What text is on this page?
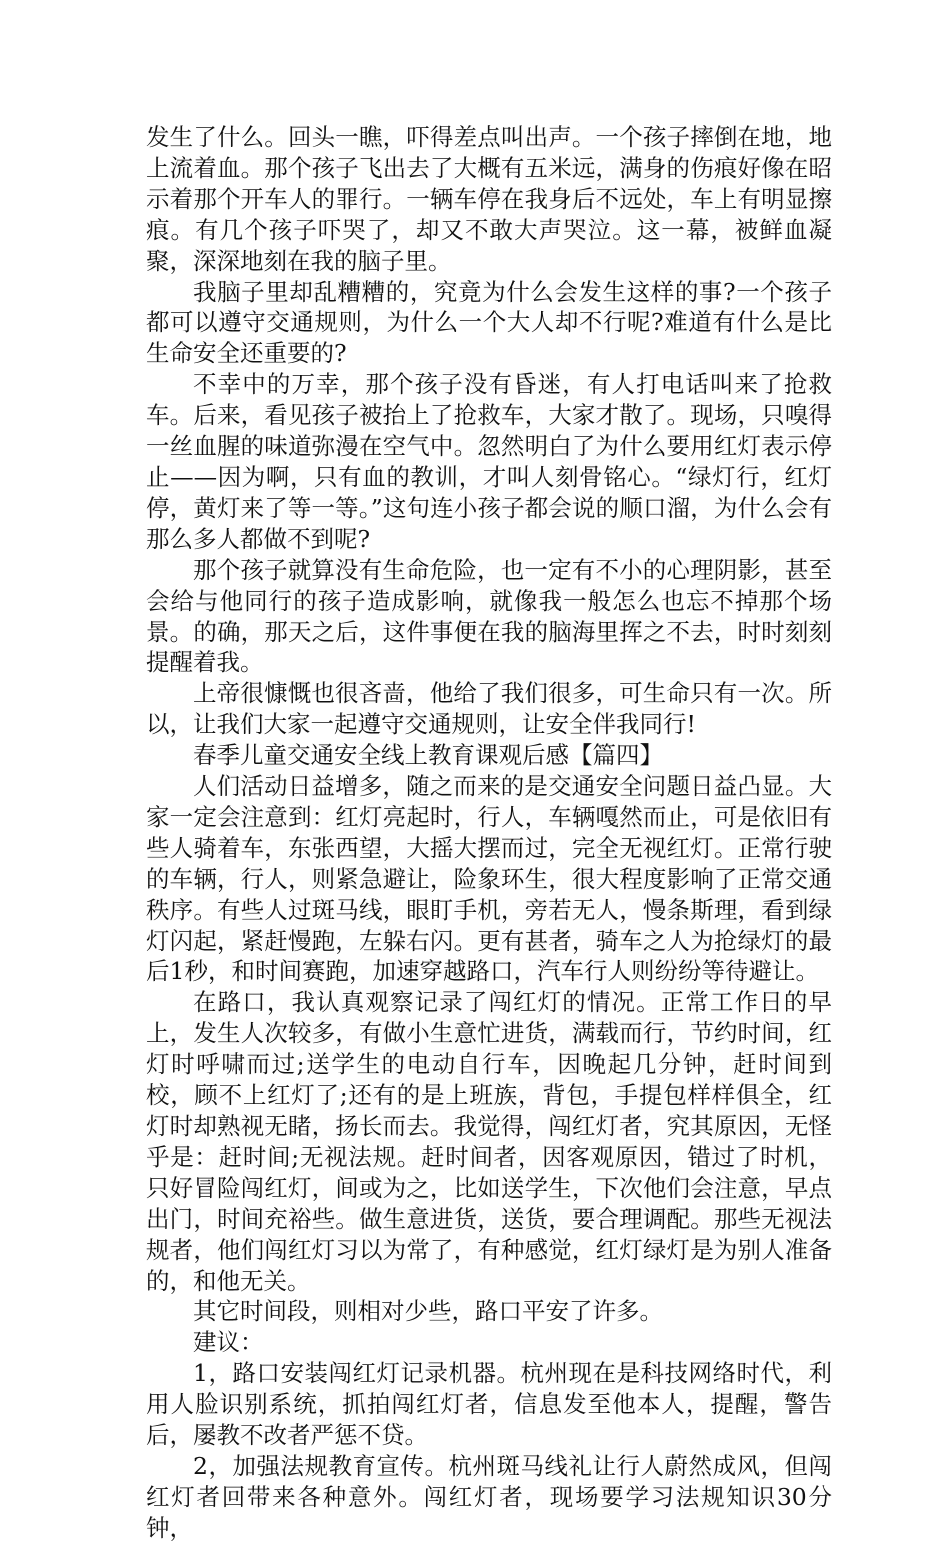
发生了什么。回头一瞧，吓得差点叫出声。一个孩子摔倒在地，地上流着血。那个孩子飞出去了大概有五米远，满身的伤痕好像在昭示着那个开车人的罪行。一辆车停在我身后不远处，车上有明显擦痕。有几个孩子吓哭了，却又不敢大声哭泣。这一幕，被鲜血凝聚，深深地刻在我的脑子里。

我脑子里却乱糟糟的，究竟为什么会发生这样的事?一个孩子都可以遵守交通规则，为什么一个大人却不行呢?难道有什么是比生命安全还重要的?

不幸中的万幸，那个孩子没有昏迷，有人打电话叫来了抢救车。后来，看见孩子被抬上了抢救车，大家才散了。现场，只嗅得一丝血腥的味道弥漫在空气中。忽然明白了为什么要用红灯表示停止——因为啊，只有血的教训，才叫人刻骨铭心。“绿灯行，红灯停，黄灯来了等一等。”这句连小孩子都会说的顺口溜，为什么会有那么多人都做不到呢?

那个孩子就算没有生命危险，也一定有不小的心理阴影，甚至会给与他同行的孩子造成影响，就像我一般怎么也忘不掉那个场景。的确，那天之后，这件事便在我的脑海里挥之不去，时时刻刻提醒着我。

上帝很慷慨也很吝啬，他给了我们很多，可生命只有一次。所以，让我们大家一起遵守交通规则，让安全伴我同行!

春季儿童交通安全线上教育课观后感【篇四】

人们活动日益增多，随之而来的是交通安全问题日益凸显。大家一定会注意到：红灯亮起时，行人，车辆嘎然而止，可是依旧有些人骑着车，东张西望，大摇大摆而过，完全无视红灯。正常行驶的车辆，行人，则紧急避让，险象环生，很大程度影响了正常交通秩序。有些人过斑马线，眼盯手机，旁若无人，慢条斯理，看到绿灯闪起，紧赶慢跑，左躲右闪。更有甚者，骑车之人为抢绿灯的最后1秒，和时间赛跑，加速穿越路口，汽车行人则纷纷等待避让。

在路口，我认真观察记录了闯红灯的情况。正常工作日的早上，发生人次较多，有做小生意忙进货，满载而行，节约时间，红灯时呼啸而过;送学生的电动自行车，因晚起几分钟，赶时间到校，顾不上红灯了;还有的是上班族，背包，手提包样样俱全，红灯时却熟视无睹，扬长而去。我觉得，闯红灯者，究其原因，无怪乎是：赶时间;无视法规。赶时间者，因客观原因，错过了时机，只好冒险闯红灯，间或为之，比如送学生，下次他们会注意，早点出门，时间充裕些。做生意进货，送货，要合理调配。那些无视法规者，他们闯红灯习以为常了，有种感觉，红灯绿灯是为别人准备的，和他无关。

其它时间段，则相对少些，路口平安了许多。

建议：

1，路口安装闯红灯记录机器。杭州现在是科技网络时代，利用人脸识别系统，抓拍闯红灯者，信息发至他本人，提醒，警告后，屡教不改者严惩不贷。

2，加强法规教育宣传。杭州斑马线礼让行人蔚然成风，但闯红灯者回带来各种意外。闯红灯者，现场要学习法规知识30分钟，
